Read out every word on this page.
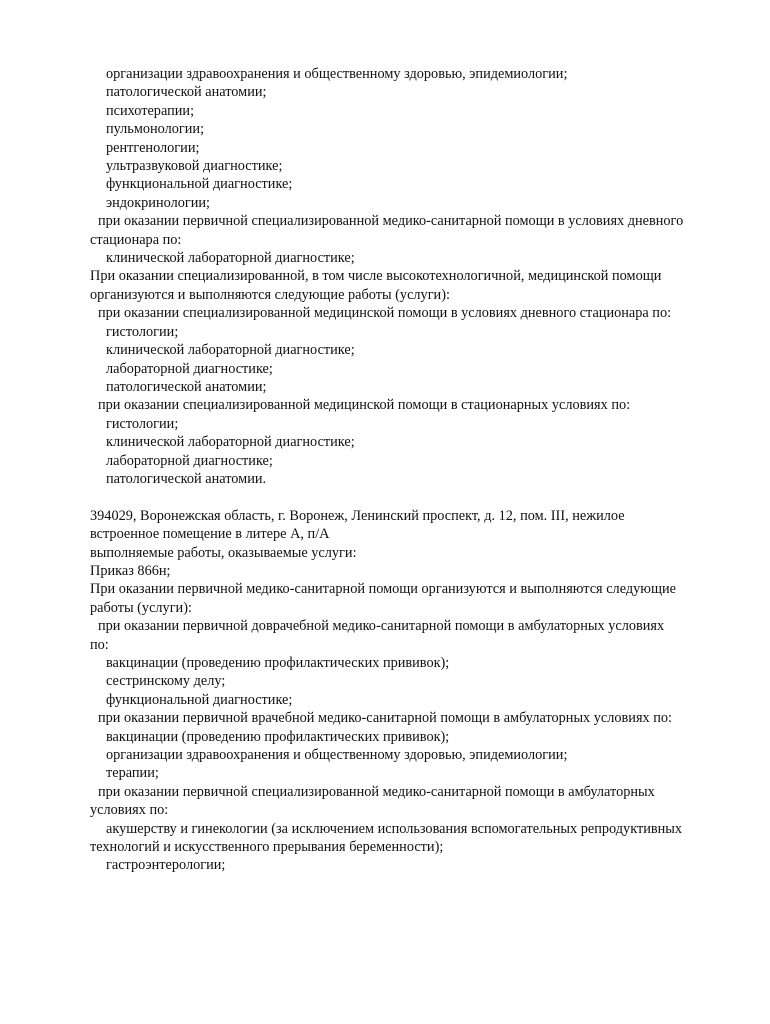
организации здравоохранения и общественному здоровью, эпидемиологии;
патологической анатомии;
психотерапии;
пульмонологии;
рентгенологии;
ультразвуковой диагностике;
функциональной диагностике;
эндокринологии;
при оказании первичной специализированной медико-санитарной помощи в условиях дневного
стационара по:
клинической лабораторной диагностике;
При оказании специализированной, в том числе высокотехнологичной, медицинской помощи
организуются и выполняются следующие работы (услуги):
при оказании специализированной медицинской помощи в условиях дневного стационара по:
гистологии;
клинической лабораторной диагностике;
лабораторной диагностике;
патологической анатомии;
при оказании специализированной медицинской помощи в стационарных условиях по:
гистологии;
клинической лабораторной диагностике;
лабораторной диагностике;
патологической анатомии.
394029, Воронежская область, г. Воронеж, Ленинский проспект, д. 12, пом. III, нежилое
встроенное помещение в литере А, п/А
выполняемые работы, оказываемые услуги:
Приказ 866н;
При оказании первичной медико-санитарной помощи организуются и выполняются следующие
работы (услуги):
при оказании первичной доврачебной медико-санитарной помощи в амбулаторных условиях
по:
вакцинации (проведению профилактических прививок);
сестринскому делу;
функциональной диагностике;
при оказании первичной врачебной медико-санитарной помощи в амбулаторных условиях по:
вакцинации (проведению профилактических прививок);
организации здравоохранения и общественному здоровью, эпидемиологии;
терапии;
при оказании первичной специализированной медико-санитарной помощи в амбулаторных
условиях по:
акушерству и гинекологии (за исключением использования вспомогательных репродуктивных
технологий и искусственного прерывания беременности);
гастроэнтерологии;
